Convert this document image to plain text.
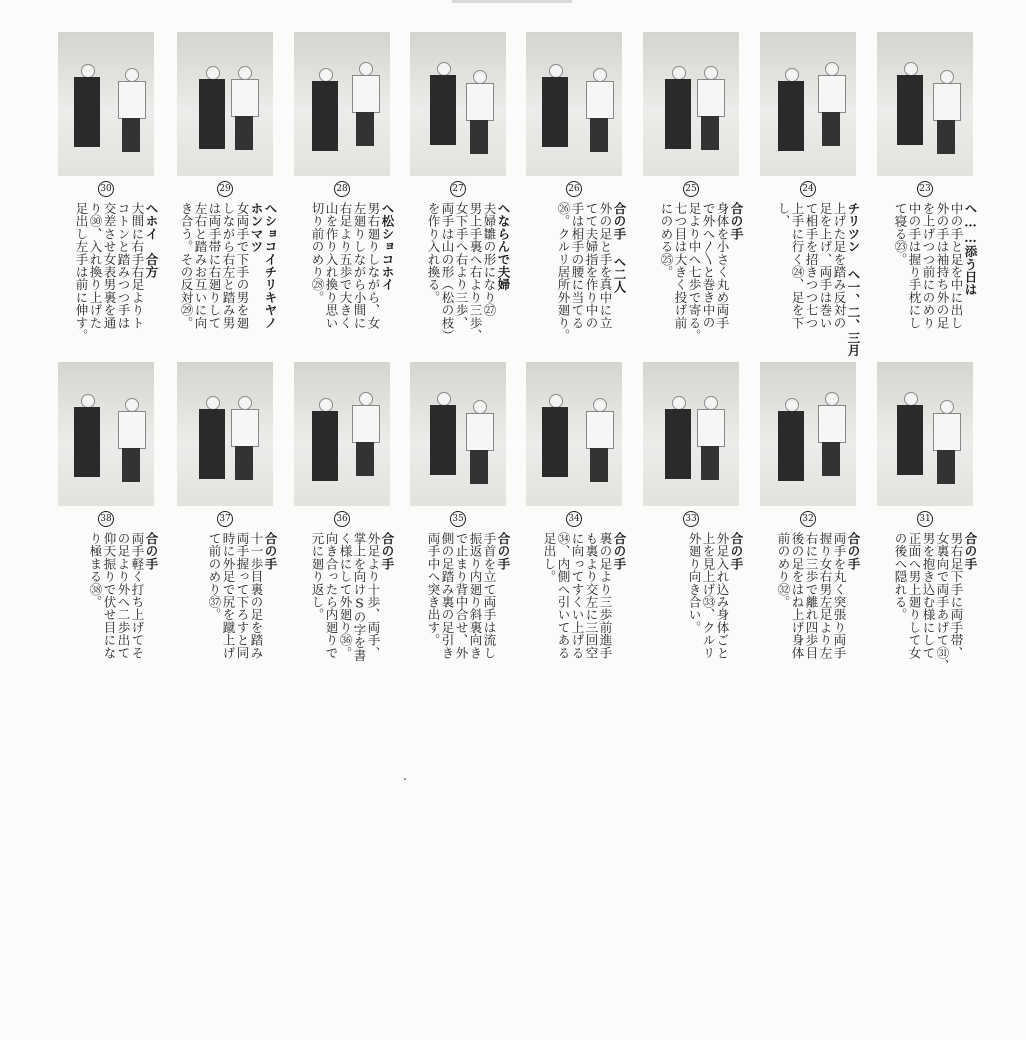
23
へ……添う日は
中の手と足を中に出し
外の手は袖持ち外の足
を上げつつ前にのめり
中の手は握り手枕にし
て寝る㉓。
24
チリツン へ一、二、三月
上げた足を踏み反対の
足を上げ、両手は巻い
て相手を招きつつ七つ
上手に行く㉔、足を下
し、
25
合の手
身体を小さく丸め両手
で外へ〳〵と巻き中の
足より中へ七歩で寄る。
七つ目は大きく投げ前
にのめる㉕。
26
合の手 へ二人
外の足と手を真中に立
てて夫婦指を作り中の
手は相手の腰に当てる
㉖。クルリ居所外廻り。
27
へならんで夫婦
夫婦雛の形になり㉗
男上手裏へ右より三歩、
女下手へ右より三歩、
両手は山の形（松の枝）
を作り入れ換る。
28
へ松ショコホイ
男右廻りしながら、女
左廻りしながら小間に
右足より五歩で大きく
山を作り入れ換り思い
切り前のめり㉘。
29
へショコイチリキヤノ
ホンマツ
女両手で下手の男を廻
しながら右左と踏み男
は両手帯に右廻りして
左右と踏みお互いに向
き合う。その反対㉙。
30
へホイ　合方
大間に右手右足よりト
コトンと踏みつつ手は
交差させ女表男裏を通
り㉚、入れ換り上げた
足出し左手は前に伸す。
31
合の手
男右足下手に両手帯、
女裏向で両手あげて㉛、
男を抱き込む様にして
正面へ男上廻りして女
の後へ隠れる。
32
合の手
両手を丸く突張り両手
握り女右男左足より左
右に三歩で離れ四歩目
後の足をはね上げ身体
前のめり㉜。
33
合の手
外足入れ込み身体ごと
上を見上げ㉝、クルリ
外廻り向き合い。
34
合の手
裏の足より三歩前進手
も裏より交左に三回空
に向ってすくい上げる
㉞、内側へ引いてある
足出し。
35
合の手
手首を立て両手は流し
振返り内廻り斜裏向き
で止まり背中合せ、外
側の足踏み裏の足引き
両手中へ突き出す。
36
合の手
外足より十歩、両手、
掌上を向けSの字を書
く様にして外廻り㊱。
向き合ったら内廻りで
元に廻り返し。
37
合の手
十一歩目裏の足を踏み
両手握って下ろすと同
時に外足で尻を蹴上げ
て前のめり㊲。
38
合の手
両手軽く打ち上げてそ
の足より外へ二歩出て
仰天振りで伏せ目にな
り極まる㊳。
